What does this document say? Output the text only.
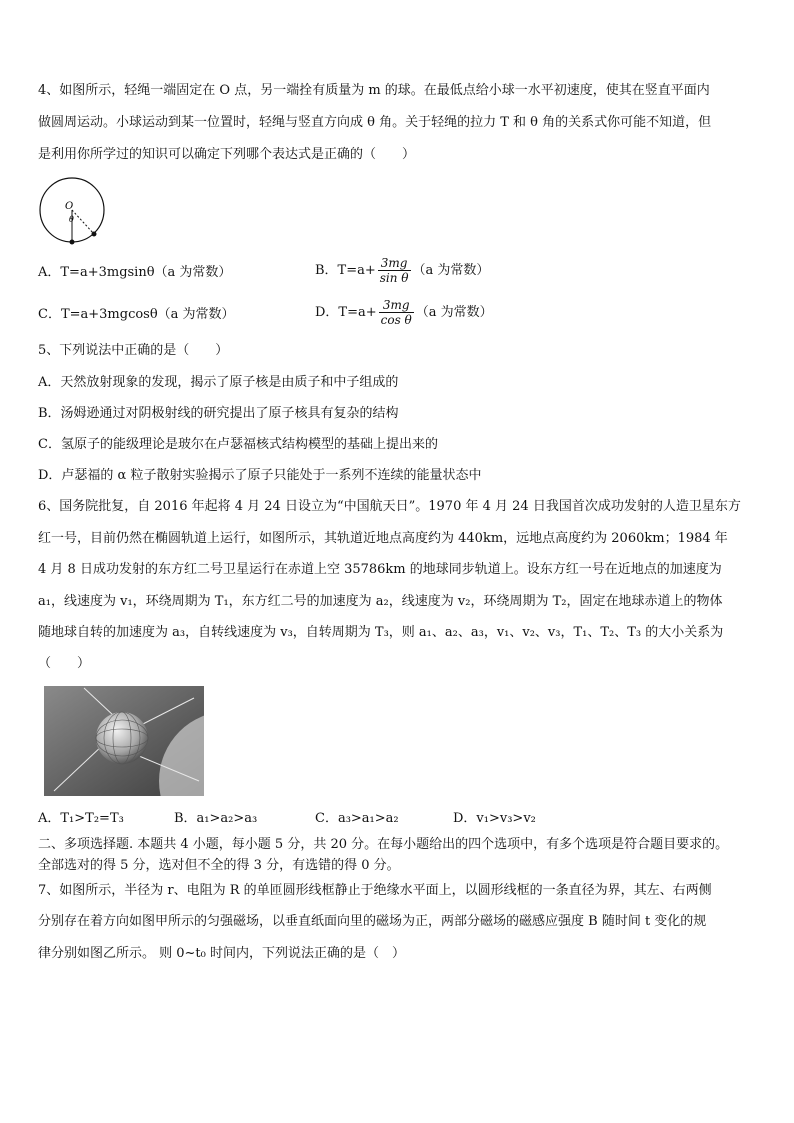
4、如图所示，轻绳一端固定在 O 点，另一端拴有质量为 m 的球。在最低点给小球一水平初速度，使其在竖直平面内
做圆周运动。小球运动到某一位置时，轻绳与竖直方向成 θ 角。关于轻绳的拉力 T 和 θ 角的关系式你可能不知道，但
是利用你所学过的知识可以确定下列哪个表达式是正确的（　　）
O
θ
A．T=a+3mgsinθ（a 为常数）	B．$T=a+ \frac{3mg}{\text{sin θ}} (a$ 为常数）
C．T=a+3mgcosθ（a 为常数）	D．$T=a+ \frac{3mg}{\text{cos θ}} (a$ 为常数）
5、下列说法中正确的是（　　）
A．天然放射现象的发现，揭示了原子核是由质子和中子组成的
B．汤姆逊通过对阴极射线的研究提出了原子核具有复杂的结构
C．氢原子的能级理论是玻尔在卢瑟福核式结构模型的基础上提出来的
D．卢瑟福的 α 粒子散射实验揭示了原子只能处于一系列不连续的能量状态中
6、国务院批复，自 2016 年起将 4 月 24 日设立为“中国航天日”。1970 年 4 月 24 日我国首次成功发射的人造卫星东方
红一号，目前仍然在椭圆轨道上运行，如图所示，其轨道近地点高度约为 440km，远地点高度约为 2060km；1984 年
4 月 8 日成功发射的东方红二号卫星运行在赤道上空 35786km 的地球同步轨道上。设东方红一号在近地点的加速度为
a₁，线速度为 v₁，环绕周期为 T₁，东方红二号的加速度为 a₂，线速度为 v₂，环绕周期为 T₂，固定在地球赤道上的物体
随地球自转的加速度为 a₃，自转线速度为 v₃，自转周期为 T₃，则 a₁、a₂、a₃，v₁、v₂、v₃，T₁、T₂、T₃ 的大小关系为
（　　）
A．T₁>T₂=T₃	B．a₁>a₂>a₃	C．a₃>a₁>a₂	D．v₁>v₃>v₂
二、多项选择题. 本题共 4 小题，每小题 5 分，共 20 分。在每小题给出的四个选项中，有多个选项是符合题目要求的。
全部选对的得 5 分，选对但不全的得 3 分，有选错的得 0 分。
7、如图所示，半径为 r、电阻为 R 的单匝圆形线框静止于绝缘水平面上，以圆形线框的一条直径为界，其左、右两侧
分别存在着方向如图甲所示的匀强磁场，以垂直纸面向里的磁场为正，两部分磁场的磁感应强度 B 随时间 t 变化的规
律分别如图乙所示。 则 0~t₀ 时间内，下列说法正确的是（　）
